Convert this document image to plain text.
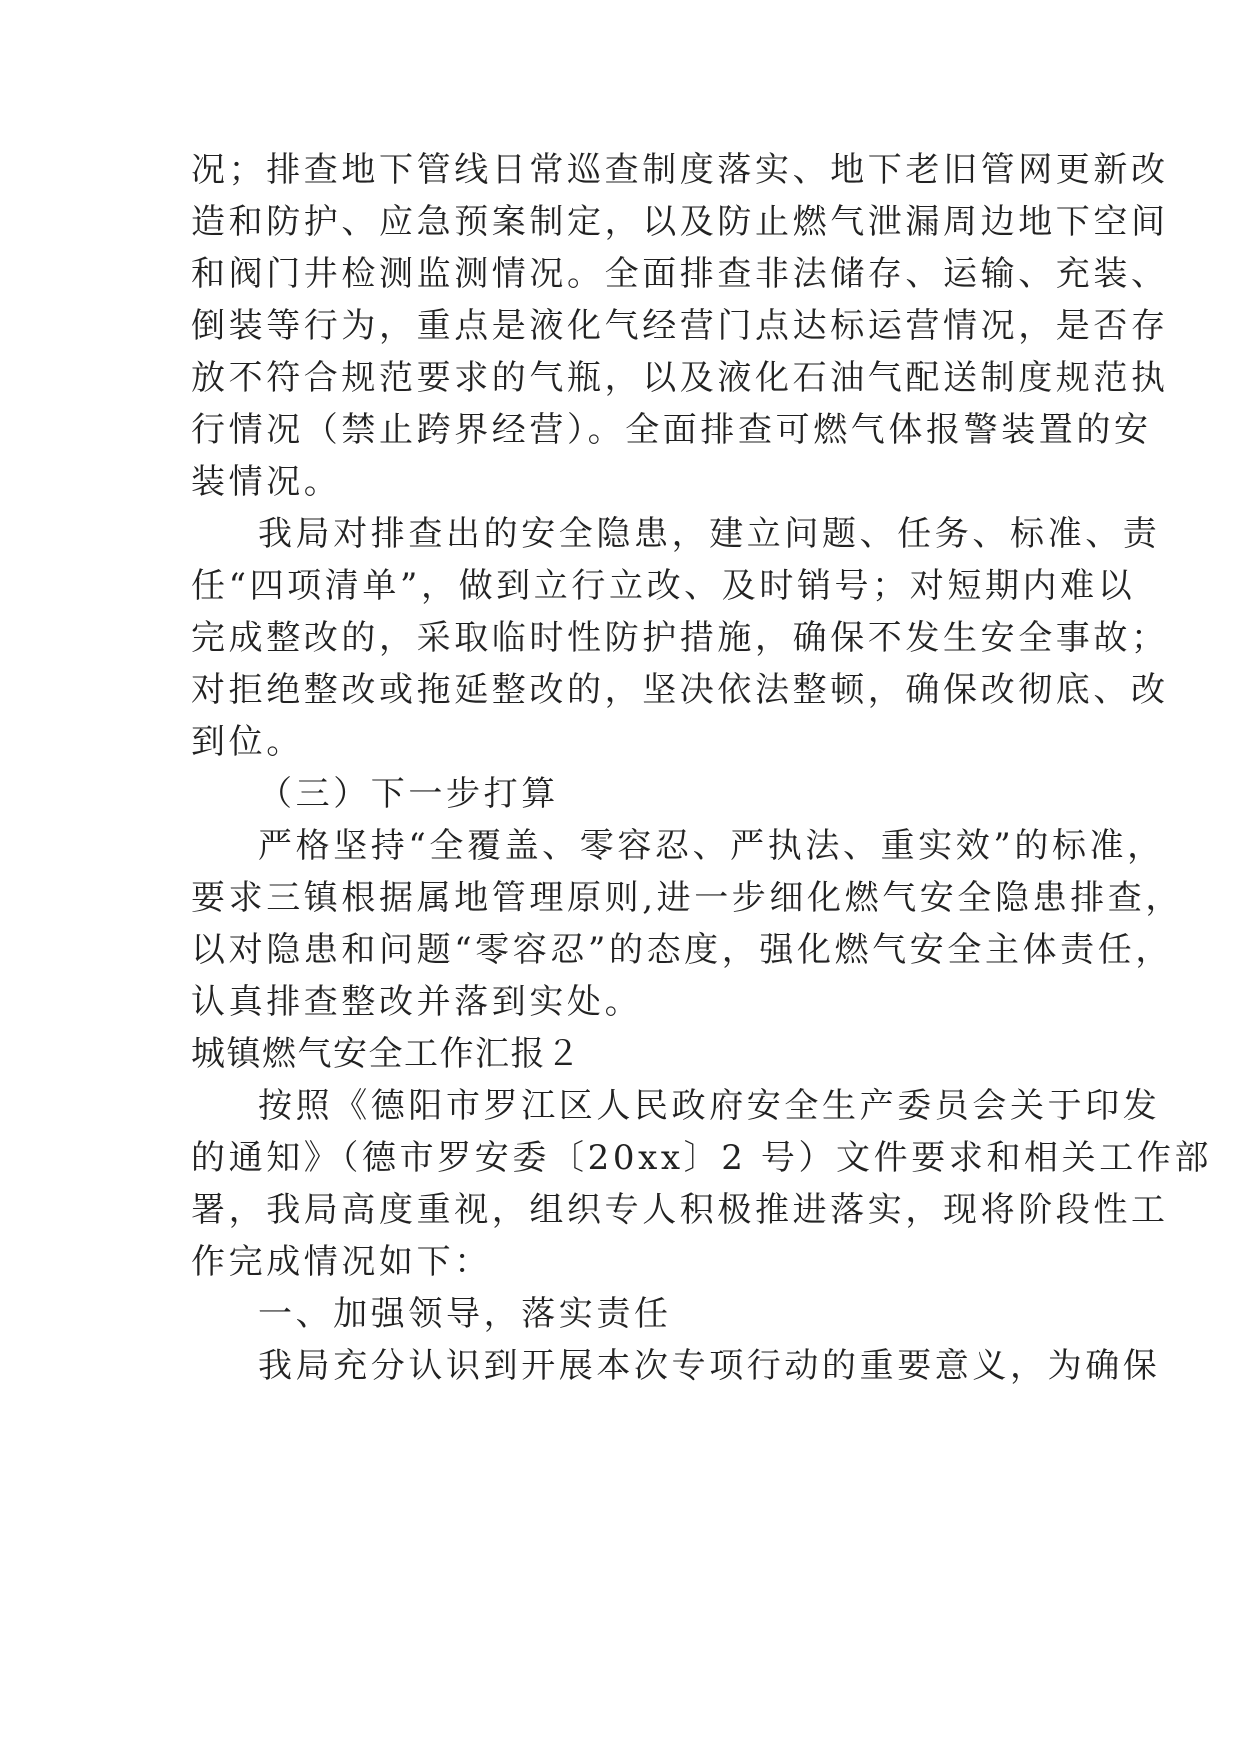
况；排查地下管线日常巡查制度落实、地下老旧管网更新改
造和防护、应急预案制定，以及防止燃气泄漏周边地下空间
和阀门井检测监测情况。全面排查非法储存、运输、充装、
倒装等行为，重点是液化气经营门点达标运营情况，是否存
放不符合规范要求的气瓶，以及液化石油气配送制度规范执
行情况（禁止跨界经营）。全面排查可燃气体报警装置的安
装情况。
我局对排查出的安全隐患，建立问题、任务、标准、责
任“四项清单”，做到立行立改、及时销号；对短期内难以
完成整改的，采取临时性防护措施，确保不发生安全事故；
对拒绝整改或拖延整改的，坚决依法整顿，确保改彻底、改
到位。
（三）下一步打算
严格坚持“全覆盖、零容忍、严执法、重实效”的标准，
要求三镇根据属地管理原则,进一步细化燃气安全隐患排查，
以对隐患和问题“零容忍”的态度，强化燃气安全主体责任，
认真排查整改并落到实处。
城镇燃气安全工作汇报２
按照《德阳市罗江区人民政府安全生产委员会关于印发
的通知》（德市罗安委〔20xx〕2 号）文件要求和相关工作部
署，我局高度重视，组织专人积极推进落实，现将阶段性工
作完成情况如下：
一、加强领导，落实责任
我局充分认识到开展本次专项行动的重要意义，为确保
